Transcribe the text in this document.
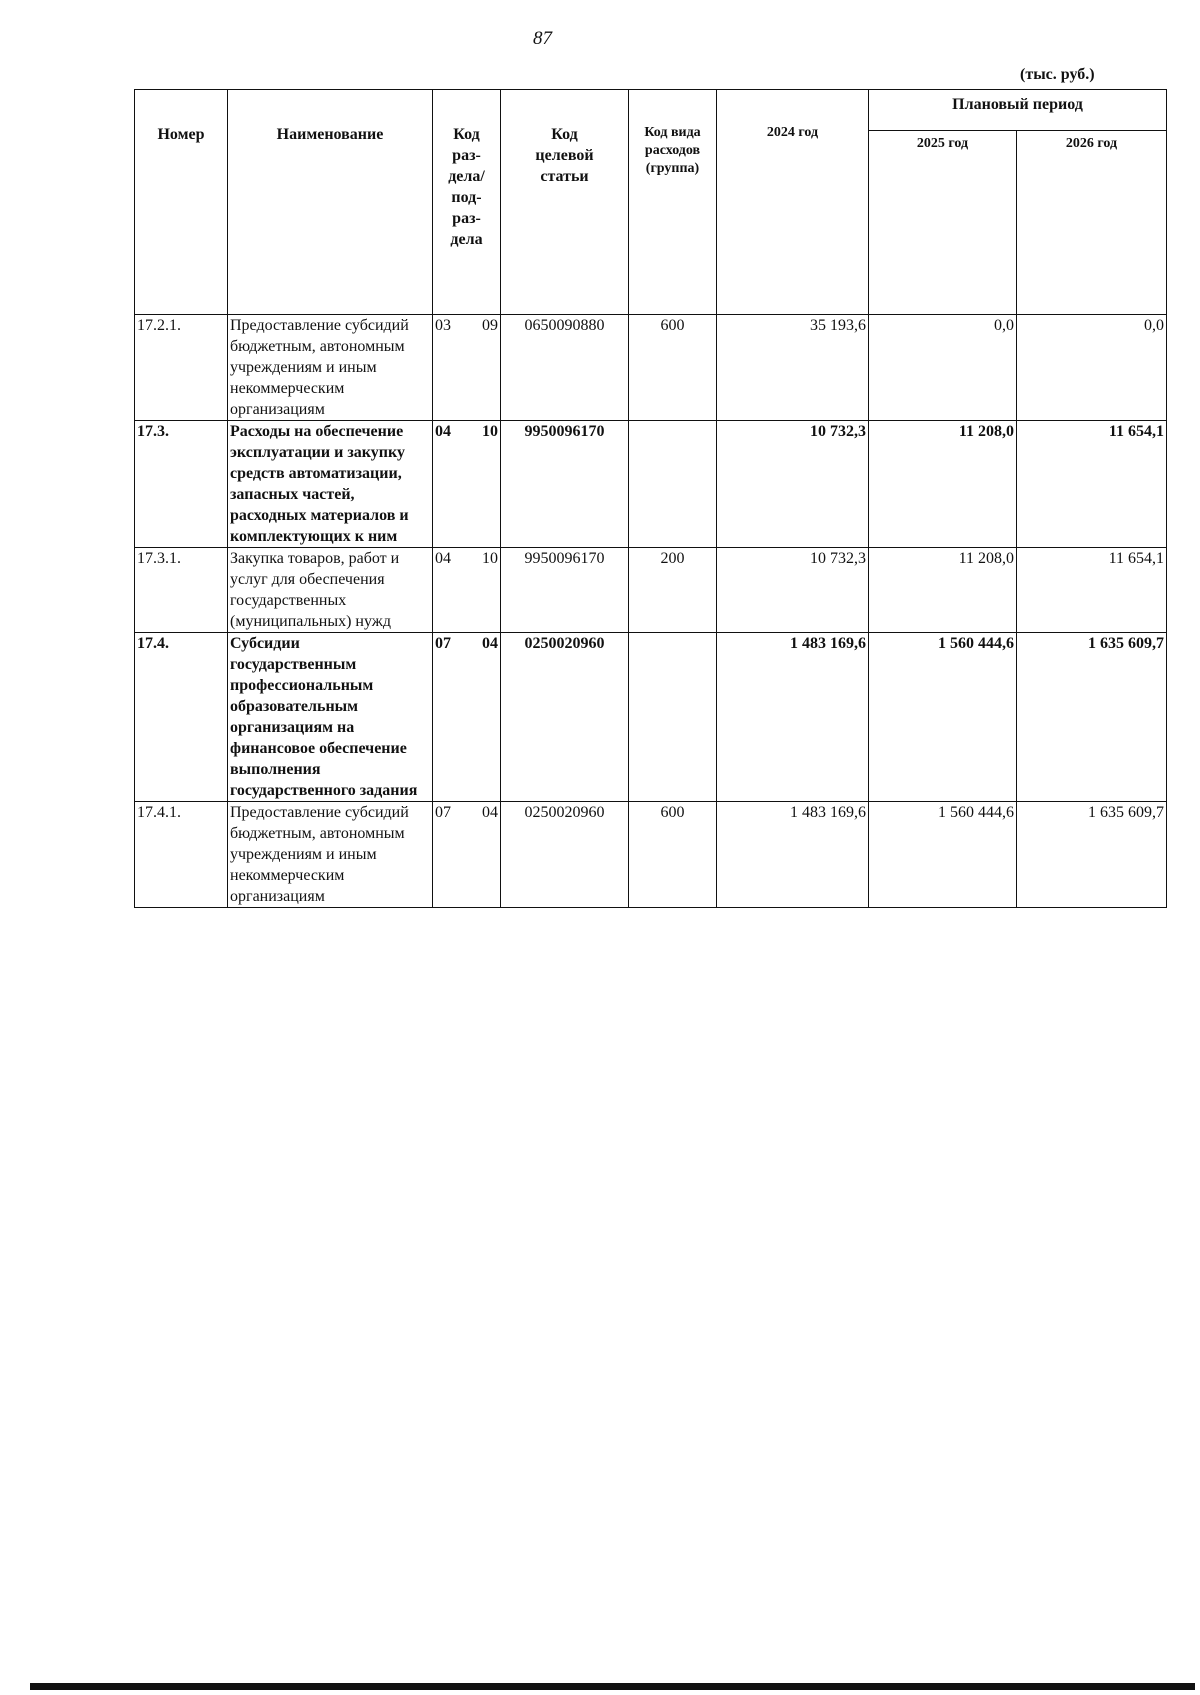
87
(тыс. руб.)
Номер	Наименование	Код раз-дела/ под-раз-дела	Код целевой статьи	Код вида расходов (группа)	2024 год	Плановый период	
						2025 год	2026 год
17.2.1.	Предоставление субсидий бюджетным, автономным учреждениям и иным некоммерческим организациям	03 09	0650090880	600	35 193,6	0,0	0,0
17.3.	Расходы на обеспечение эксплуатации и закупку средств автоматизации, запасных частей, расходных материалов и комплектующих к ним	04 10	9950096170		10 732,3	11 208,0	11 654,1
17.3.1.	Закупка товаров, работ и услуг для обеспечения государственных (муниципальных) нужд	04 10	9950096170	200	10 732,3	11 208,0	11 654,1
17.4.	Субсидии государственным профессиональным образовательным организациям на финансовое обеспечение выполнения государственного задания	07 04	0250020960		1 483 169,6	1 560 444,6	1 635 609,7
17.4.1.	Предоставление субсидий бюджетным, автономным учреждениям и иным некоммерческим организациям	07 04	0250020960	600	1 483 169,6	1 560 444,6	1 635 609,7
